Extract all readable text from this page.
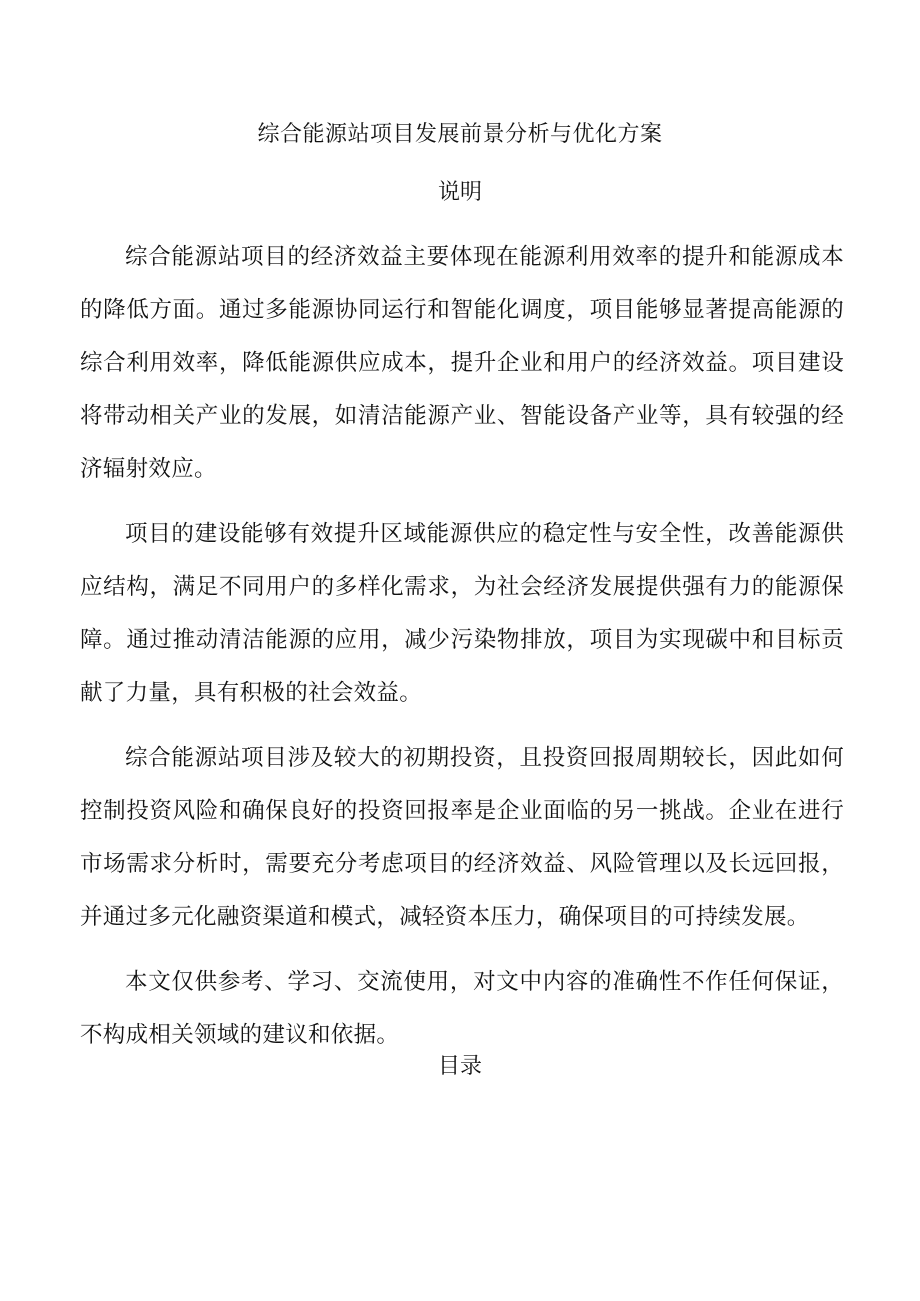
综合能源站项目发展前景分析与优化方案
说明

综合能源站项目的经济效益主要体现在能源利用效率的提升和能源成本的降低方面。通过多能源协同运行和智能化调度，项目能够显著提高能源的综合利用效率，降低能源供应成本，提升企业和用户的经济效益。项目建设将带动相关产业的发展，如清洁能源产业、智能设备产业等，具有较强的经济辐射效应。

项目的建设能够有效提升区域能源供应的稳定性与安全性，改善能源供应结构，满足不同用户的多样化需求，为社会经济发展提供强有力的能源保障。通过推动清洁能源的应用，减少污染物排放，项目为实现碳中和目标贡献了力量，具有积极的社会效益。

综合能源站项目涉及较大的初期投资，且投资回报周期较长，因此如何控制投资风险和确保良好的投资回报率是企业面临的另一挑战。企业在进行市场需求分析时，需要充分考虑项目的经济效益、风险管理以及长远回报，并通过多元化融资渠道和模式，减轻资本压力，确保项目的可持续发展。

本文仅供参考、学习、交流使用，对文中内容的准确性不作任何保证，不构成相关领域的建议和依据。

目录
